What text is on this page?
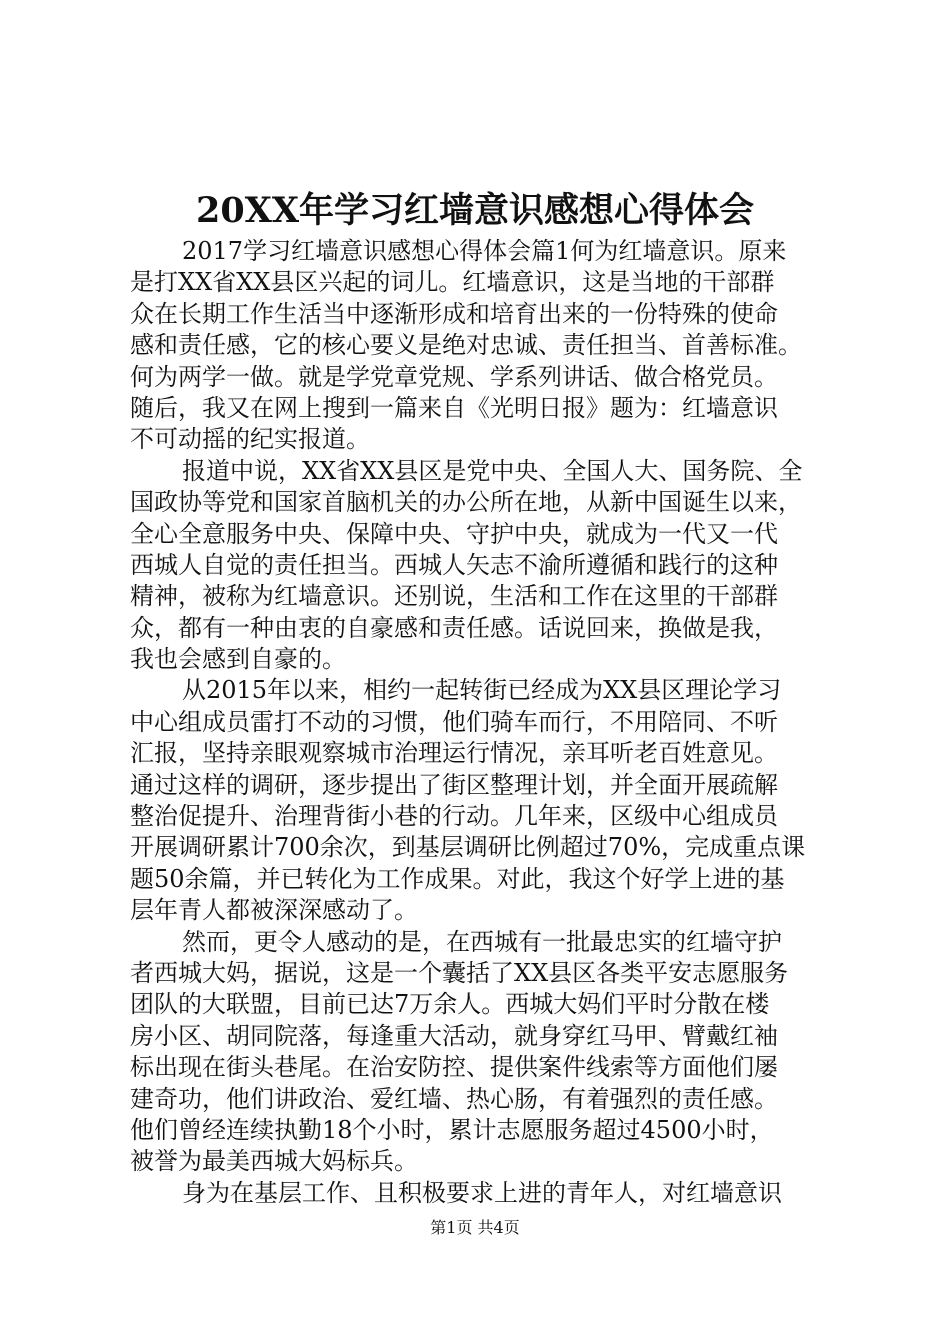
20XX年学习红墙意识感想心得体会
2017学习红墙意识感想心得体会篇1何为红墙意识。原来
是打XX省XX县区兴起的词儿。红墙意识，这是当地的干部群
众在长期工作生活当中逐渐形成和培育出来的一份特殊的使命
感和责任感，它的核心要义是绝对忠诚、责任担当、首善标准。
何为两学一做。就是学党章党规、学系列讲话、做合格党员。
随后，我又在网上搜到一篇来自《光明日报》题为：红墙意识
不可动摇的纪实报道。
报道中说，XX省XX县区是党中央、全国人大、国务院、全
国政协等党和国家首脑机关的办公所在地，从新中国诞生以来，
全心全意服务中央、保障中央、守护中央，就成为一代又一代
西城人自觉的责任担当。西城人矢志不渝所遵循和践行的这种
精神，被称为红墙意识。还别说，生活和工作在这里的干部群
众，都有一种由衷的自豪感和责任感。话说回来，换做是我，
我也会感到自豪的。
从2015年以来，相约一起转街已经成为XX县区理论学习
中心组成员雷打不动的习惯，他们骑车而行，不用陪同、不听
汇报，坚持亲眼观察城市治理运行情况，亲耳听老百姓意见。
通过这样的调研，逐步提出了街区整理计划，并全面开展疏解
整治促提升、治理背街小巷的行动。几年来，区级中心组成员
开展调研累计700余次，到基层调研比例超过70%，完成重点课
题50余篇，并已转化为工作成果。对此，我这个好学上进的基
层年青人都被深深感动了。
然而，更令人感动的是，在西城有一批最忠实的红墙守护
者西城大妈，据说，这是一个囊括了XX县区各类平安志愿服务
团队的大联盟，目前已达7万余人。西城大妈们平时分散在楼
房小区、胡同院落，每逢重大活动，就身穿红马甲、臂戴红袖
标出现在街头巷尾。在治安防控、提供案件线索等方面他们屡
建奇功，他们讲政治、爱红墙、热心肠，有着强烈的责任感。
他们曾经连续执勤18个小时，累计志愿服务超过4500小时，
被誉为最美西城大妈标兵。
身为在基层工作、且积极要求上进的青年人，对红墙意识
第1页 共4页
